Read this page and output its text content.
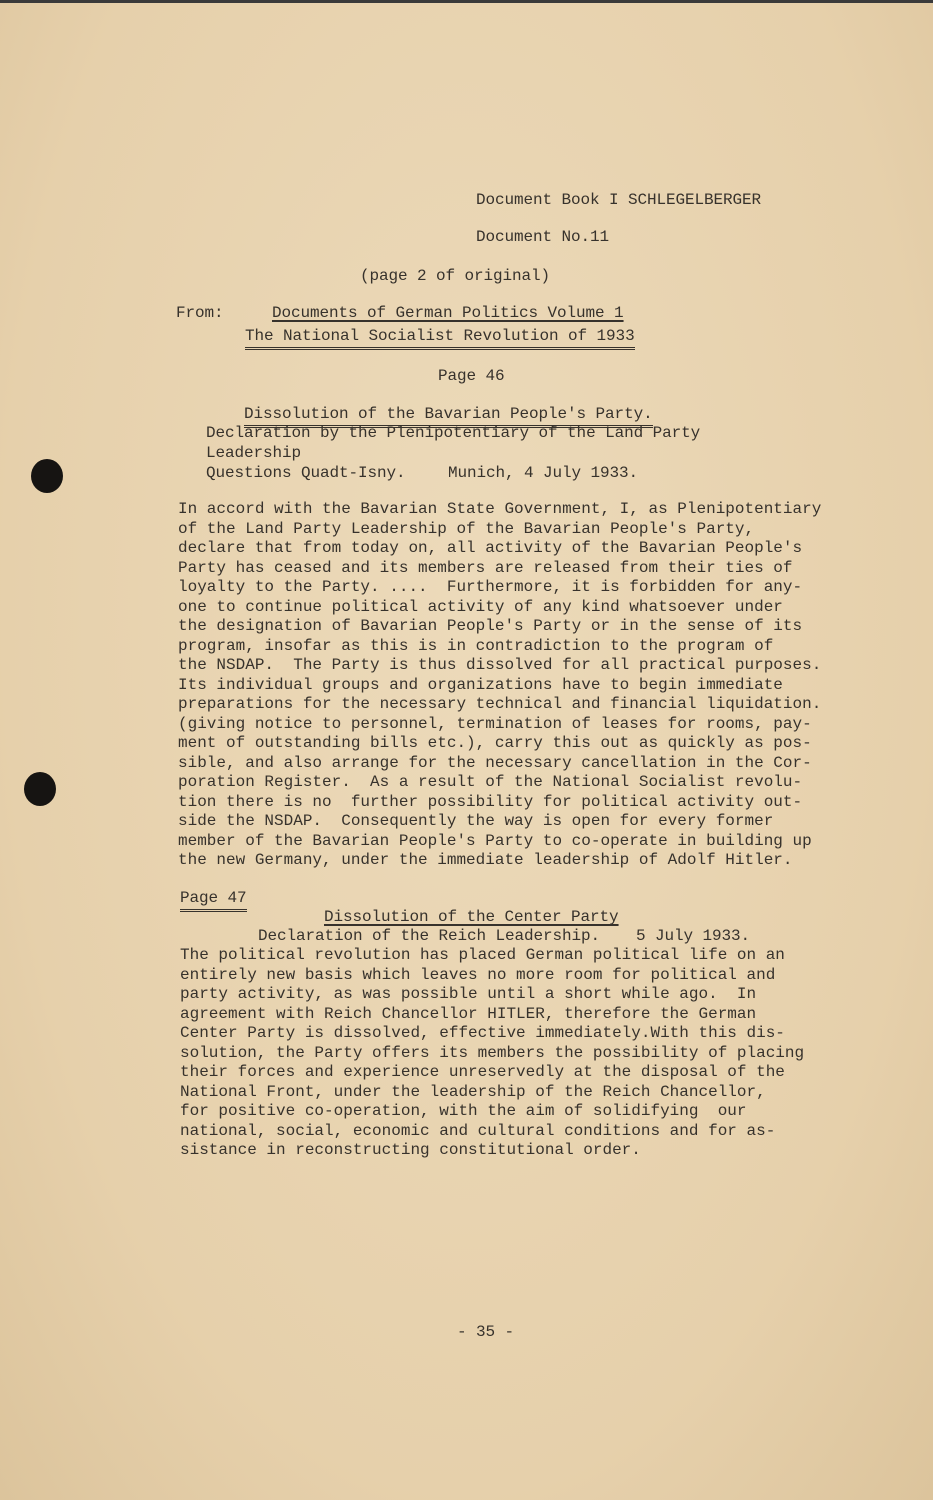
Document Book I SCHLEGELBERGER
Document No.11
(page 2 of original)
From:	Documents of German Politics Volume 1
The National Socialist Revolution of 1933
Page 46
Dissolution of the Bavarian People's Party.
Declaration by the Plenipotentiary of the Land Party
Leadership
Questions Quadt-Isny.	Munich, 4 July 1933.
In accord with the Bavarian State Government, I, as Plenipotentiary
of the Land Party Leadership of the Bavarian People's Party,
declare that from today on, all activity of the Bavarian People's
Party has ceased and its members are released from their ties of
loyalty to the Party. ....  Furthermore, it is forbidden for any-
one to continue political activity of any kind whatsoever under
the designation of Bavarian People's Party or in the sense of its
program, insofar as this is in contradiction to the program of
the NSDAP.  The Party is thus dissolved for all practical purposes.
Its individual groups and organizations have to begin immediate
preparations for the necessary technical and financial liquidation.
(giving notice to personnel, termination of leases for rooms, pay-
ment of outstanding bills etc.), carry this out as quickly as pos-
sible, and also arrange for the necessary cancellation in the Cor-
poration Register.  As a result of the National Socialist revolu-
tion there is no  further possibility for political activity out-
side the NSDAP.  Consequently the way is open for every former
member of the Bavarian People's Party to co-operate in building up
the new Germany, under the immediate leadership of Adolf Hitler.
Page 47
Dissolution of the Center Party
Declaration of the Reich Leadership. 5 July 1933.
The political revolution has placed German political life on an
entirely new basis which leaves no more room for political and
party activity, as was possible until a short while ago.  In
agreement with Reich Chancellor HITLER, therefore the German
Center Party is dissolved, effective immediately.With this dis-
solution, the Party offers its members the possibility of placing
their forces and experience unreservedly at the disposal of the
National Front, under the leadership of the Reich Chancellor,
for positive co-operation, with the aim of solidifying  our
national, social, economic and cultural conditions and for as-
sistance in reconstructing constitutional order.
- 35 -
